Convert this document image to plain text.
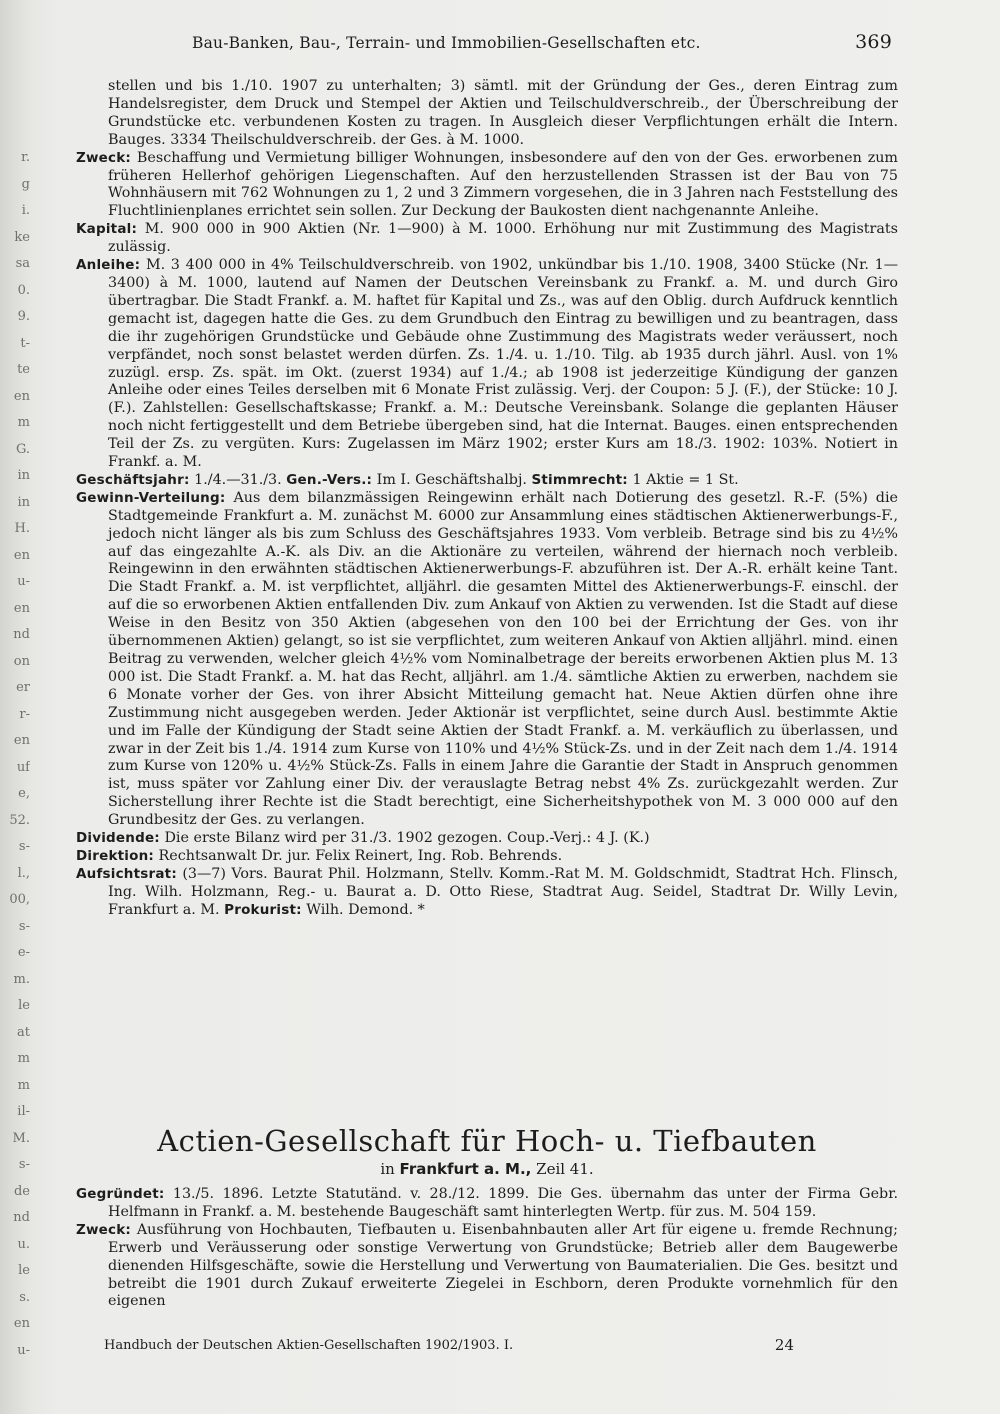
r.
g
i.
ke
sa
0.
9.
t-
te
en
m
G.
in
in
H.
en
u-
en
nd
on
er
r-
en
uf
e,
52.
s-
l.,
00,
s-
e-
m.
le
at
m
m
il-
M.
s-
de
nd
u.
le
s.
en
u-
Bau-Banken, Bau-, Terrain- und Immobilien-Gesellschaften etc.	369

stellen und bis 1./10. 1907 zu unterhalten; 3) sämtl. mit der Gründung der Ges., deren Eintrag zum Handelsregister, dem Druck und Stempel der Aktien und Teilschuldverschreib., der Überschreibung der Grundstücke etc. verbundenen Kosten zu tragen. In Ausgleich dieser Verpflichtungen erhält die Intern. Bauges. 3334 Theilschuldverschreib. der Ges. à M. 1000.

Zweck: Beschaffung und Vermietung billiger Wohnungen, insbesondere auf den von der Ges. erworbenen zum früheren Hellerhof gehörigen Liegenschaften. Auf den herzustellenden Strassen ist der Bau von 75 Wohnhäusern mit 762 Wohnungen zu 1, 2 und 3 Zimmern vorgesehen, die in 3 Jahren nach Feststellung des Fluchtlinienplanes errichtet sein sollen. Zur Deckung der Baukosten dient nachgenannte Anleihe.

Kapital: M. 900 000 in 900 Aktien (Nr. 1—900) à M. 1000. Erhöhung nur mit Zustimmung des Magistrats zulässig.

Anleihe: M. 3 400 000 in 4% Teilschuldverschreib. von 1902, unkündbar bis 1./10. 1908, 3400 Stücke (Nr. 1—3400) à M. 1000, lautend auf Namen der Deutschen Vereinsbank zu Frankf. a. M. und durch Giro übertragbar. Die Stadt Frankf. a. M. haftet für Kapital und Zs., was auf den Oblig. durch Aufdruck kenntlich gemacht ist, dagegen hatte die Ges. zu dem Grundbuch den Eintrag zu bewilligen und zu beantragen, dass die ihr zugehörigen Grundstücke und Gebäude ohne Zustimmung des Magistrats weder veräussert, noch verpfändet, noch sonst belastet werden dürfen. Zs. 1./4. u. 1./10. Tilg. ab 1935 durch jährl. Ausl. von 1% zuzügl. ersp. Zs. spät. im Okt. (zuerst 1934) auf 1./4.; ab 1908 ist jederzeitige Kündigung der ganzen Anleihe oder eines Teiles derselben mit 6 Monate Frist zulässig. Verj. der Coupon: 5 J. (F.), der Stücke: 10 J. (F.). Zahlstellen: Gesellschaftskasse; Frankf. a. M.: Deutsche Vereinsbank. Solange die geplanten Häuser noch nicht fertiggestellt und dem Betriebe übergeben sind, hat die Internat. Bauges. einen entsprechenden Teil der Zs. zu vergüten. Kurs: Zugelassen im März 1902; erster Kurs am 18./3. 1902: 103%. Notiert in Frankf. a. M.

Geschäftsjahr: 1./4.—31./3. Gen.-Vers.: Im I. Geschäftshalbj. Stimmrecht: 1 Aktie = 1 St.

Gewinn-Verteilung: Aus dem bilanzmässigen Reingewinn erhält nach Dotierung des gesetzl. R.-F. (5%) die Stadtgemeinde Frankfurt a. M. zunächst M. 6000 zur Ansammlung eines städtischen Aktienerwerbungs-F., jedoch nicht länger als bis zum Schluss des Geschäftsjahres 1933. Vom verbleib. Betrage sind bis zu 4½% auf das eingezahlte A.-K. als Div. an die Aktionäre zu verteilen, während der hiernach noch verbleib. Reingewinn in den erwähnten städtischen Aktienerwerbungs-F. abzuführen ist. Der A.-R. erhält keine Tant. Die Stadt Frankf. a. M. ist verpflichtet, alljährl. die gesamten Mittel des Aktienerwerbungs-F. einschl. der auf die so erworbenen Aktien entfallenden Div. zum Ankauf von Aktien zu verwenden. Ist die Stadt auf diese Weise in den Besitz von 350 Aktien (abgesehen von den 100 bei der Errichtung der Ges. von ihr übernommenen Aktien) gelangt, so ist sie verpflichtet, zum weiteren Ankauf von Aktien alljährl. mind. einen Beitrag zu verwenden, welcher gleich 4½% vom Nominalbetrage der bereits erworbenen Aktien plus M. 13 000 ist. Die Stadt Frankf. a. M. hat das Recht, alljährl. am 1./4. sämtliche Aktien zu erwerben, nachdem sie 6 Monate vorher der Ges. von ihrer Absicht Mitteilung gemacht hat. Neue Aktien dürfen ohne ihre Zustimmung nicht ausgegeben werden. Jeder Aktionär ist verpflichtet, seine durch Ausl. bestimmte Aktie und im Falle der Kündigung der Stadt seine Aktien der Stadt Frankf. a. M. verkäuflich zu überlassen, und zwar in der Zeit bis 1./4. 1914 zum Kurse von 110% und 4½% Stück-Zs. und in der Zeit nach dem 1./4. 1914 zum Kurse von 120% u. 4½% Stück-Zs. Falls in einem Jahre die Garantie der Stadt in Anspruch genommen ist, muss später vor Zahlung einer Div. der verauslagte Betrag nebst 4% Zs. zurückgezahlt werden. Zur Sicherstellung ihrer Rechte ist die Stadt berechtigt, eine Sicherheitshypothek von M. 3 000 000 auf den Grundbesitz der Ges. zu verlangen.

Dividende: Die erste Bilanz wird per 31./3. 1902 gezogen. Coup.-Verj.: 4 J. (K.)

Direktion: Rechtsanwalt Dr. jur. Felix Reinert, Ing. Rob. Behrends.

Aufsichtsrat: (3—7) Vors. Baurat Phil. Holzmann, Stellv. Komm.-Rat M. M. Goldschmidt, Stadtrat Hch. Flinsch, Ing. Wilh. Holzmann, Reg.- u. Baurat a. D. Otto Riese, Stadtrat Aug. Seidel, Stadtrat Dr. Willy Levin, Frankfurt a. M. Prokurist: Wilh. Demond. *

Actien-Gesellschaft für Hoch- u. Tiefbauten
in Frankfurt a. M., Zeil 41.

Gegründet: 13./5. 1896. Letzte Statutänd. v. 28./12. 1899. Die Ges. übernahm das unter der Firma Gebr. Helfmann in Frankf. a. M. bestehende Baugeschäft samt hinterlegten Wertp. für zus. M. 504 159.

Zweck: Ausführung von Hochbauten, Tiefbauten u. Eisenbahnbauten aller Art für eigene u. fremde Rechnung; Erwerb und Veräusserung oder sonstige Verwertung von Grundstücke; Betrieb aller dem Baugewerbe dienenden Hilfsgeschäfte, sowie die Herstellung und Verwertung von Baumaterialien. Die Ges. besitzt und betreibt die 1901 durch Zukauf erweiterte Ziegelei in Eschborn, deren Produkte vornehmlich für den eigenen

Handbuch der Deutschen Aktien-Gesellschaften 1902/1903. I.	24
